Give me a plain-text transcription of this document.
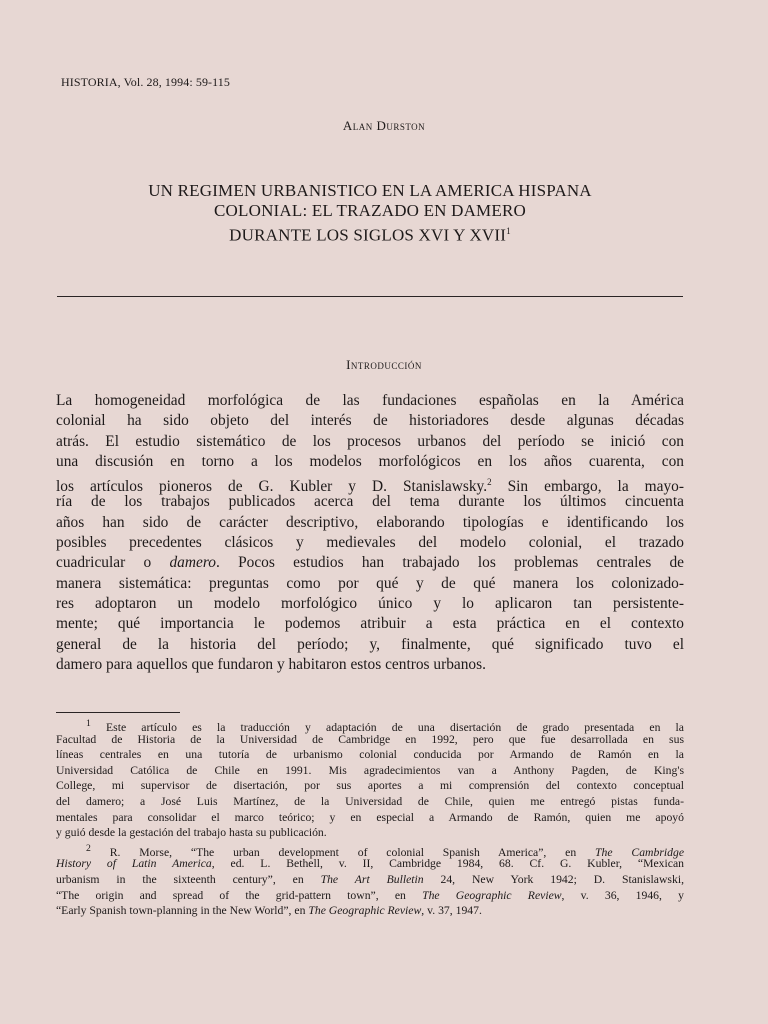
HISTORIA, Vol. 28, 1994: 59-115
Alan Durston
UN REGIMEN URBANISTICO EN LA AMERICA HISPANA
COLONIAL: EL TRAZADO EN DAMERO
DURANTE LOS SIGLOS XVI Y XVII$^1$
Introducción
La homogeneidad morfológica de las fundaciones españolas en la América
colonial ha sido objeto del interés de historiadores desde algunas décadas
atrás. El estudio sistemático de los procesos urbanos del período se inició con
una discusión en torno a los modelos morfológicos en los años cuarenta, con
los artículos pioneros de G. Kubler y D. Stanislawsky.$^2$ Sin embargo, la mayo-
ría de los trabajos publicados acerca del tema durante los últimos cincuenta
años han sido de carácter descriptivo, elaborando tipologías e identificando los
posibles precedentes clásicos y medievales del modelo colonial, el trazado
cuadricular o damero. Pocos estudios han trabajado los problemas centrales de
manera sistemática: preguntas como por qué y de qué manera los colonizado-
res adoptaron un modelo morfológico único y lo aplicaron tan persistente-
mente; qué importancia le podemos atribuir a esta práctica en el contexto
general de la historia del período; y, finalmente, qué significado tuvo el
damero para aquellos que fundaron y habitaron estos centros urbanos.
$^1$ Este artículo es la traducción y adaptación de una disertación de grado presentada en la
Facultad de Historia de la Universidad de Cambridge en 1992, pero que fue desarrollada en sus
líneas centrales en una tutoría de urbanismo colonial conducida por Armando de Ramón en la
Universidad Católica de Chile en 1991. Mis agradecimientos van a Anthony Pagden, de King's
College, mi supervisor de disertación, por sus aportes a mi comprensión del contexto conceptual
del damero; a José Luis Martínez, de la Universidad de Chile, quien me entregó pistas funda-
mentales para consolidar el marco teórico; y en especial a Armando de Ramón, quien me apoyó
y guió desde la gestación del trabajo hasta su publicación.
$^2$ R. Morse, “The urban development of colonial Spanish America”, en The Cambridge
History of Latin America, ed. L. Bethell, v. II, Cambridge 1984, 68. Cf. G. Kubler, “Mexican
urbanism in the sixteenth century”, en The Art Bulletin 24, New York 1942; D. Stanislawski,
“The origin and spread of the grid-pattern town”, en The Geographic Review, v. 36, 1946, y
“Early Spanish town-planning in the New World”, en The Geographic Review, v. 37, 1947.
